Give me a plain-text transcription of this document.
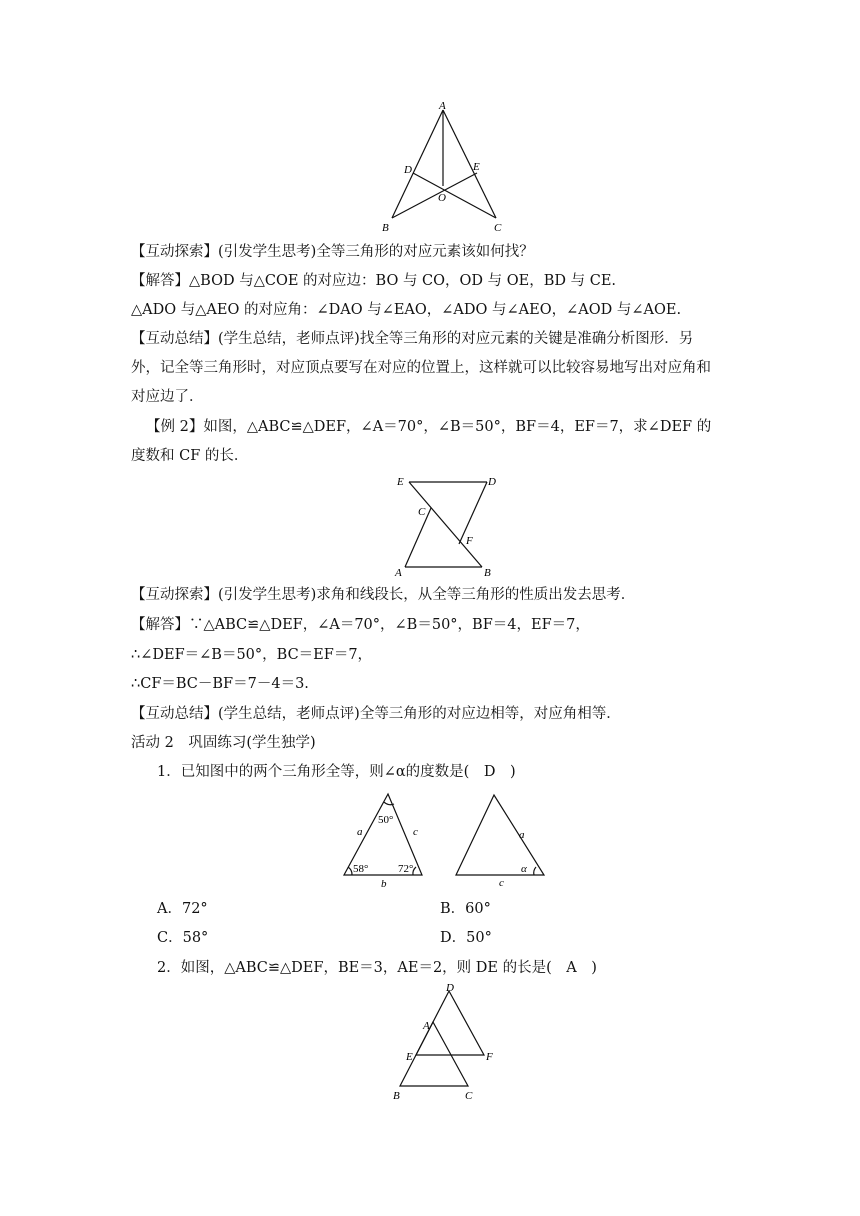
A
B	C
D	E
O
【互动探索】(引发学生思考)全等三角形的对应元素该如何找？
【解答】△BOD 与△COE 的对应边：BO 与 CO，OD 与 OE，BD 与 CE.
△ADO 与△AEO 的对应角：∠DAO 与∠EAO，∠ADO 与∠AEO，∠AOD 与∠AOE.
【互动总结】(学生总结，老师点评)找全等三角形的对应元素的关键是准确分析图形．另
外，记全等三角形时，对应顶点要写在对应的位置上，这样就可以比较容易地写出对应角和
对应边了．
【例 2】如图，△ABC≌△DEF，∠A＝70°，∠B＝50°，BF＝4，EF＝7，求∠DEF 的
度数和 CF 的长．
E	D
C
F
A	B
【互动探索】(引发学生思考)求角和线段长，从全等三角形的性质出发去思考．
【解答】∵△ABC≌△DEF，∠A＝70°，∠B＝50°，BF＝4，EF＝7，
∴∠DEF＝∠B＝50°，BC＝EF＝7，
∴CF＝BC－BF＝7－4＝3.
【互动总结】(学生总结，老师点评)全等三角形的对应边相等，对应角相等．
活动 2　巩固练习(学生独学)
1．已知图中的两个三角形全等，则∠α的度数是(　D　)
a
50°
c
58°	72°
b
a
α
c
A．72°	B．60°
C．58°	D．50°
2．如图，△ABC≌△DEF，BE＝3，AE＝2，则 DE 的长是(　A　)
D
A
E	F
B	C
